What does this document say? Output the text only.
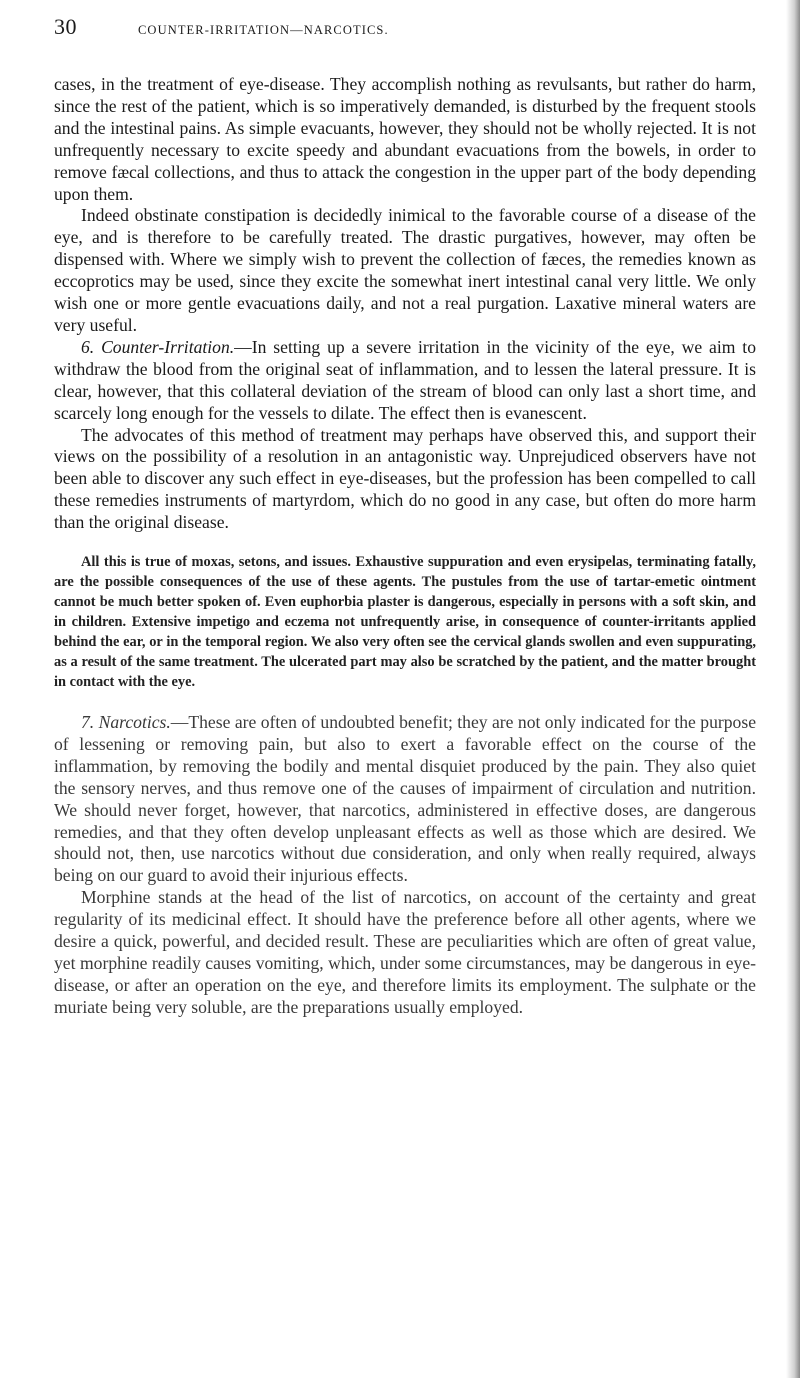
30	COUNTER-IRRITATION—NARCOTICS.

cases, in the treatment of eye-disease. They accomplish nothing as revulsants, but rather do harm, since the rest of the patient, which is so imperatively demanded, is disturbed by the frequent stools and the intestinal pains. As simple evacuants, however, they should not be wholly rejected. It is not unfrequently necessary to excite speedy and abundant evacuations from the bowels, in order to remove fæcal collections, and thus to attack the congestion in the upper part of the body depending upon them.

Indeed obstinate constipation is decidedly inimical to the favorable course of a disease of the eye, and is therefore to be carefully treated. The drastic purgatives, however, may often be dispensed with. Where we simply wish to prevent the collection of fæces, the remedies known as eccoprotics may be used, since they excite the somewhat inert intestinal canal very little. We only wish one or more gentle evacuations daily, and not a real purgation. Laxative mineral waters are very useful.

6. Counter-Irritation.—In setting up a severe irritation in the vicinity of the eye, we aim to withdraw the blood from the original seat of inflammation, and to lessen the lateral pressure. It is clear, however, that this collateral deviation of the stream of blood can only last a short time, and scarcely long enough for the vessels to dilate. The effect then is evanescent.

The advocates of this method of treatment may perhaps have observed this, and support their views on the possibility of a resolution in an antagonistic way. Unprejudiced observers have not been able to discover any such effect in eye-diseases, but the profession has been compelled to call these remedies instruments of martyrdom, which do no good in any case, but often do more harm than the original disease.

All this is true of moxas, setons, and issues. Exhaustive suppuration and even erysipelas, terminating fatally, are the possible consequences of the use of these agents. The pustules from the use of tartar-emetic ointment cannot be much better spoken of. Even euphorbia plaster is dangerous, especially in persons with a soft skin, and in children. Extensive impetigo and eczema not unfrequently arise, in consequence of counter-irritants applied behind the ear, or in the temporal region. We also very often see the cervical glands swollen and even suppurating, as a result of the same treatment. The ulcerated part may also be scratched by the patient, and the matter brought in contact with the eye.

7. Narcotics.—These are often of undoubted benefit; they are not only indicated for the purpose of lessening or removing pain, but also to exert a favorable effect on the course of the inflammation, by removing the bodily and mental disquiet produced by the pain. They also quiet the sensory nerves, and thus remove one of the causes of impairment of circulation and nutrition. We should never forget, however, that narcotics, administered in effective doses, are dangerous remedies, and that they often develop unpleasant effects as well as those which are desired. We should not, then, use narcotics without due consideration, and only when really required, always being on our guard to avoid their injurious effects.

Morphine stands at the head of the list of narcotics, on account of the certainty and great regularity of its medicinal effect. It should have the preference before all other agents, where we desire a quick, powerful, and decided result. These are peculiarities which are often of great value, yet morphine readily causes vomiting, which, under some circumstances, may be dangerous in eye-disease, or after an operation on the eye, and therefore limits its employment. The sulphate or the muriate being very soluble, are the preparations usually employed.
